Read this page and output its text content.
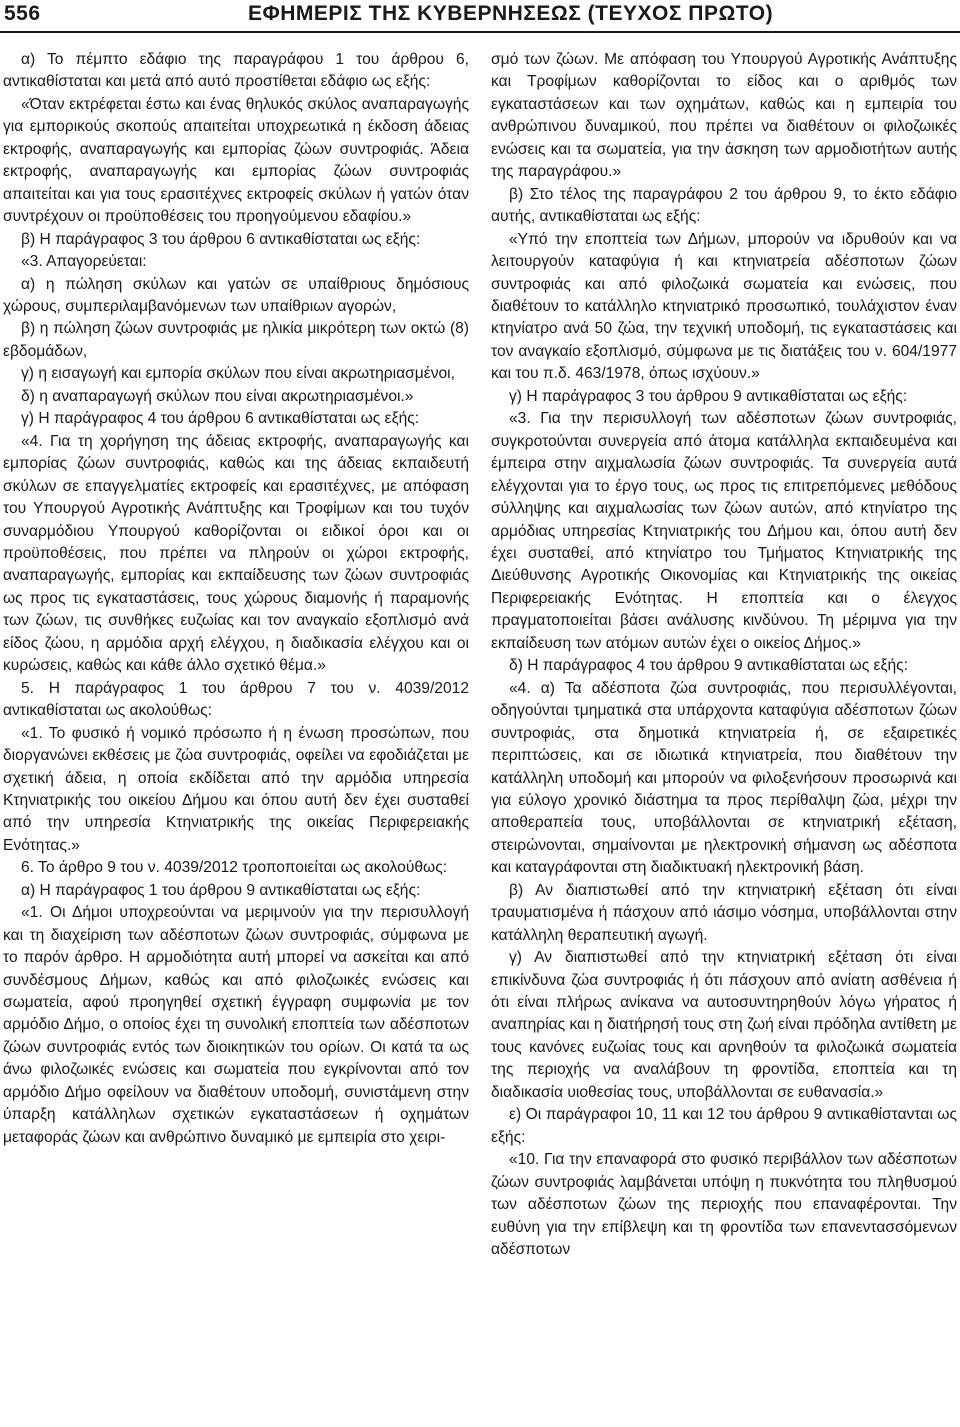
556	ΕΦΗΜΕΡΙΣ ΤΗΣ ΚΥΒΕΡΝΗΣΕΩΣ (ΤΕΥΧΟΣ ΠΡΩΤΟ)

α) Το πέμπτο εδάφιο της παραγράφου 1 του άρθρου 6, αντικαθίσταται και μετά από αυτό προστίθεται εδάφιο ως εξής:

«Όταν εκτρέφεται έστω και ένας θηλυκός σκύλος αναπαραγωγής για εμπορικούς σκοπούς απαιτείται υποχρεωτικά η έκδοση άδειας εκτροφής, αναπαραγωγής και εμπορίας ζώων συντροφιάς. Άδεια εκτροφής, αναπαραγωγής και εμπορίας ζώων συντροφιάς απαιτείται και για τους ερασιτέχνες εκτροφείς σκύλων ή γατών όταν συντρέχουν οι προϋποθέσεις του προηγούμενου εδαφίου.»

β) Η παράγραφος 3 του άρθρου 6 αντικαθίσταται ως εξής:

«3. Απαγορεύεται:

α) η πώληση σκύλων και γατών σε υπαίθριους δημόσιους χώρους, συμπεριλαμβανόμενων των υπαίθριων αγορών,

β) η πώληση ζώων συντροφιάς με ηλικία μικρότερη των οκτώ (8) εβδομάδων,

γ) η εισαγωγή και εμπορία σκύλων που είναι ακρωτηριασμένοι,

δ) η αναπαραγωγή σκύλων που είναι ακρωτηριασμένοι.»

γ) Η παράγραφος 4 του άρθρου 6 αντικαθίσταται ως εξής:

«4. Για τη χορήγηση της άδειας εκτροφής, αναπαραγωγής και εμπορίας ζώων συντροφιάς, καθώς και της άδειας εκπαιδευτή σκύλων σε επαγγελματίες εκτροφείς και ερασιτέχνες, με απόφαση του Υπουργού Αγροτικής Ανάπτυξης και Τροφίμων και του τυχόν συναρμόδιου Υπουργού καθορίζονται οι ειδικοί όροι και οι προϋποθέσεις, που πρέπει να πληρούν οι χώροι εκτροφής, αναπαραγωγής, εμπορίας και εκπαίδευσης των ζώων συντροφιάς ως προς τις εγκαταστάσεις, τους χώρους διαμονής ή παραμονής των ζώων, τις συνθήκες ευζωίας και τον αναγκαίο εξοπλισμό ανά είδος ζώου, η αρμόδια αρχή ελέγχου, η διαδικασία ελέγχου και οι κυρώσεις, καθώς και κάθε άλλο σχετικό θέμα.»

5. Η παράγραφος 1 του άρθρου 7 του ν. 4039/2012 αντικαθίσταται ως ακολούθως:

«1. Το φυσικό ή νομικό πρόσωπο ή η ένωση προσώπων, που διοργανώνει εκθέσεις με ζώα συντροφιάς, οφείλει να εφοδιάζεται με σχετική άδεια, η οποία εκδίδεται από την αρμόδια υπηρεσία Κτηνιατρικής του οικείου Δήμου και όπου αυτή δεν έχει συσταθεί από την υπηρεσία Κτηνιατρικής της οικείας Περιφερειακής Ενότητας.»

6. Το άρθρο 9 του ν. 4039/2012 τροποποιείται ως ακολούθως:

α) Η παράγραφος 1 του άρθρου 9 αντικαθίσταται ως εξής:

«1. Οι Δήμοι υποχρεούνται να μεριμνούν για την περισυλλογή και τη διαχείριση των αδέσποτων ζώων συντροφιάς, σύμφωνα με το παρόν άρθρο. Η αρμοδιότητα αυτή μπορεί να ασκείται και από συνδέσμους Δήμων, καθώς και από φιλοζωικές ενώσεις και σωματεία, αφού προηγηθεί σχετική έγγραφη συμφωνία με τον αρμόδιο Δήμο, ο οποίος έχει τη συνολική εποπτεία των αδέσποτων ζώων συντροφιάς εντός των διοικητικών του ορίων. Οι κατά τα ως άνω φιλοζωικές ενώσεις και σωματεία που εγκρίνονται από τον αρμόδιο Δήμο οφείλουν να διαθέτουν υποδομή, συνιστάμενη στην ύπαρξη κατάλληλων σχετικών εγκαταστάσεων ή οχημάτων μεταφοράς ζώων και ανθρώπινο δυναμικό με εμπειρία στο χειρι-

σμό των ζώων. Με απόφαση του Υπουργού Αγροτικής Ανάπτυξης και Τροφίμων καθορίζονται το είδος και ο αριθμός των εγκαταστάσεων και των οχημάτων, καθώς και η εμπειρία του ανθρώπινου δυναμικού, που πρέπει να διαθέτουν οι φιλοζωικές ενώσεις και τα σωματεία, για την άσκηση των αρμοδιοτήτων αυτής της παραγράφου.»

β) Στο τέλος της παραγράφου 2 του άρθρου 9, το έκτο εδάφιο αυτής, αντικαθίσταται ως εξής:

«Υπό την εποπτεία των Δήμων, μπορούν να ιδρυθούν και να λειτουργούν καταφύγια ή και κτηνιατρεία αδέσποτων ζώων συντροφιάς και από φιλοζωικά σωματεία και ενώσεις, που διαθέτουν το κατάλληλο κτηνιατρικό προσωπικό, τουλάχιστον έναν κτηνίατρο ανά 50 ζώα, την τεχνική υποδομή, τις εγκαταστάσεις και τον αναγκαίο εξοπλισμό, σύμφωνα με τις διατάξεις του ν. 604/1977 και του π.δ. 463/1978, όπως ισχύουν.»

γ) Η παράγραφος 3 του άρθρου 9 αντικαθίσταται ως εξής:

«3. Για την περισυλλογή των αδέσποτων ζώων συντροφιάς, συγκροτούνται συνεργεία από άτομα κατάλληλα εκπαιδευμένα και έμπειρα στην αιχμαλωσία ζώων συντροφιάς. Τα συνεργεία αυτά ελέγχονται για το έργο τους, ως προς τις επιτρεπόμενες μεθόδους σύλληψης και αιχμαλωσίας των ζώων αυτών, από κτηνίατρο της αρμόδιας υπηρεσίας Κτηνιατρικής του Δήμου και, όπου αυτή δεν έχει συσταθεί, από κτηνίατρο του Τμήματος Κτηνιατρικής της Διεύθυνσης Αγροτικής Οικονομίας και Κτηνιατρικής της οικείας Περιφερειακής Ενότητας. Η εποπτεία και ο έλεγχος πραγματοποιείται βάσει ανάλυσης κινδύνου. Τη μέριμνα για την εκπαίδευση των ατόμων αυτών έχει ο οικείος Δήμος.»

δ) Η παράγραφος 4 του άρθρου 9 αντικαθίσταται ως εξής:

«4. α) Τα αδέσποτα ζώα συντροφιάς, που περισυλλέγονται, οδηγούνται τμηματικά στα υπάρχοντα καταφύγια αδέσποτων ζώων συντροφιάς, στα δημοτικά κτηνιατρεία ή, σε εξαιρετικές περιπτώσεις, και σε ιδιωτικά κτηνιατρεία, που διαθέτουν την κατάλληλη υποδομή και μπορούν να φιλοξενήσουν προσωρινά και για εύλογο χρονικό διάστημα τα προς περίθαλψη ζώα, μέχρι την αποθεραπεία τους, υποβάλλονται σε κτηνιατρική εξέταση, στειρώνονται, σημαίνονται με ηλεκτρονική σήμανση ως αδέσποτα και καταγράφονται στη διαδικτυακή ηλεκτρονική βάση.

β) Αν διαπιστωθεί από την κτηνιατρική εξέταση ότι είναι τραυματισμένα ή πάσχουν από ιάσιμο νόσημα, υποβάλλονται στην κατάλληλη θεραπευτική αγωγή.

γ) Αν διαπιστωθεί από την κτηνιατρική εξέταση ότι είναι επικίνδυνα ζώα συντροφιάς ή ότι πάσχουν από ανίατη ασθένεια ή ότι είναι πλήρως ανίκανα να αυτοσυντηρηθούν λόγω γήρατος ή αναπηρίας και η διατήρησή τους στη ζωή είναι πρόδηλα αντίθετη με τους κανόνες ευζωίας τους και αρνηθούν τα φιλοζωικά σωματεία της περιοχής να αναλάβουν τη φροντίδα, εποπτεία και τη διαδικασία υιοθεσίας τους, υποβάλλονται σε ευθανασία.»

ε) Οι παράγραφοι 10, 11 και 12 του άρθρου 9 αντικαθίστανται ως εξής:

«10. Για την επαναφορά στο φυσικό περιβάλλον των αδέσποτων ζώων συντροφιάς λαμβάνεται υπόψη η πυκνότητα του πληθυσμού των αδέσποτων ζώων της περιοχής που επαναφέρονται. Την ευθύνη για την επίβλεψη και τη φροντίδα των επανεντασσόμενων αδέσποτων
